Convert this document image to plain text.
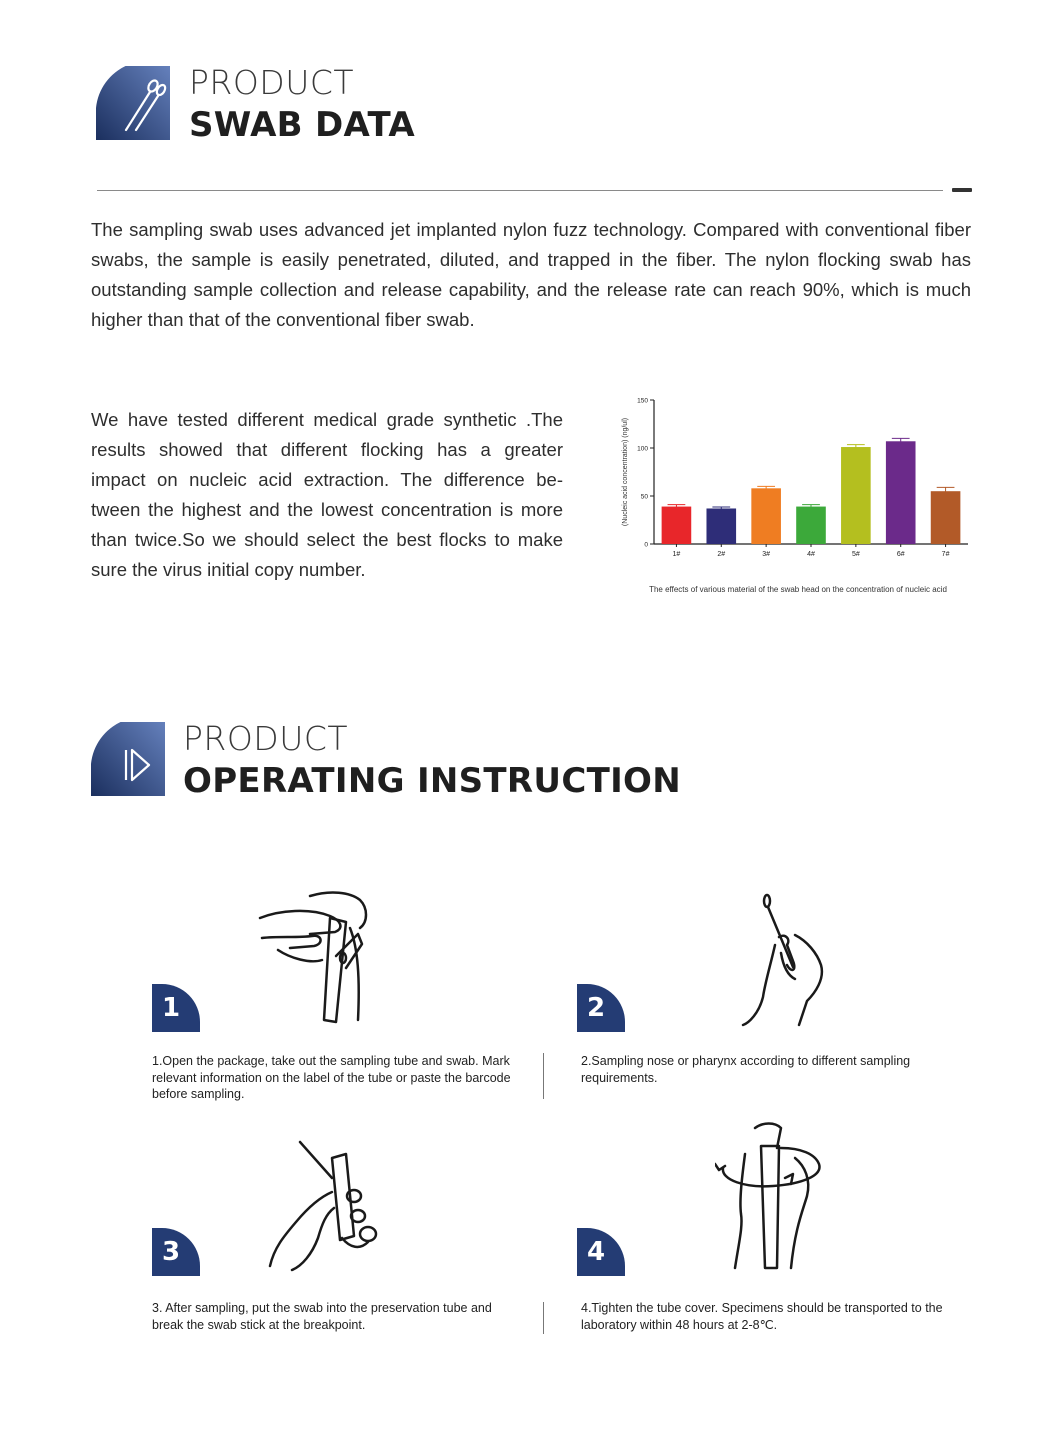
PRODUCT
SWAB DATA
The sampling swab uses advanced jet implanted nylon fuzz technology. Compared with conventional fiber swabs, the sample is easily penetrated, diluted, and trapped in the fiber. The nylon flocking swab has outstanding sample collection and release capability, and the release rate can reach 90%, which is much higher than that of the conventional fiber swab.
We have tested different medical grade synthetic .The results showed that different flocking has a greater impact on nucleic acid extraction. The difference be-tween the highest and the lowest concentration is more than twice.So we should select the best flocks to make sure the virus initial copy number.
(Nucleic acid concentration) (ng/ul)
0
50
100
150
1#	2#	3#	4#	5#	6#	7#
The effects of various material of the swab head on the concentration of nucleic acid
PRODUCT
OPERATING INSTRUCTION
1
1.Open the package, take out the sampling tube and swab. Mark relevant information on the label of the tube or paste the barcode before sampling.
2
2.Sampling nose or pharynx according to different sampling requirements.
3
3. After sampling, put the swab into the preservation tube and break the swab stick at the breakpoint.
4
4.Tighten the tube cover. Specimens should be transported to the laboratory within 48 hours at 2-8℃.
